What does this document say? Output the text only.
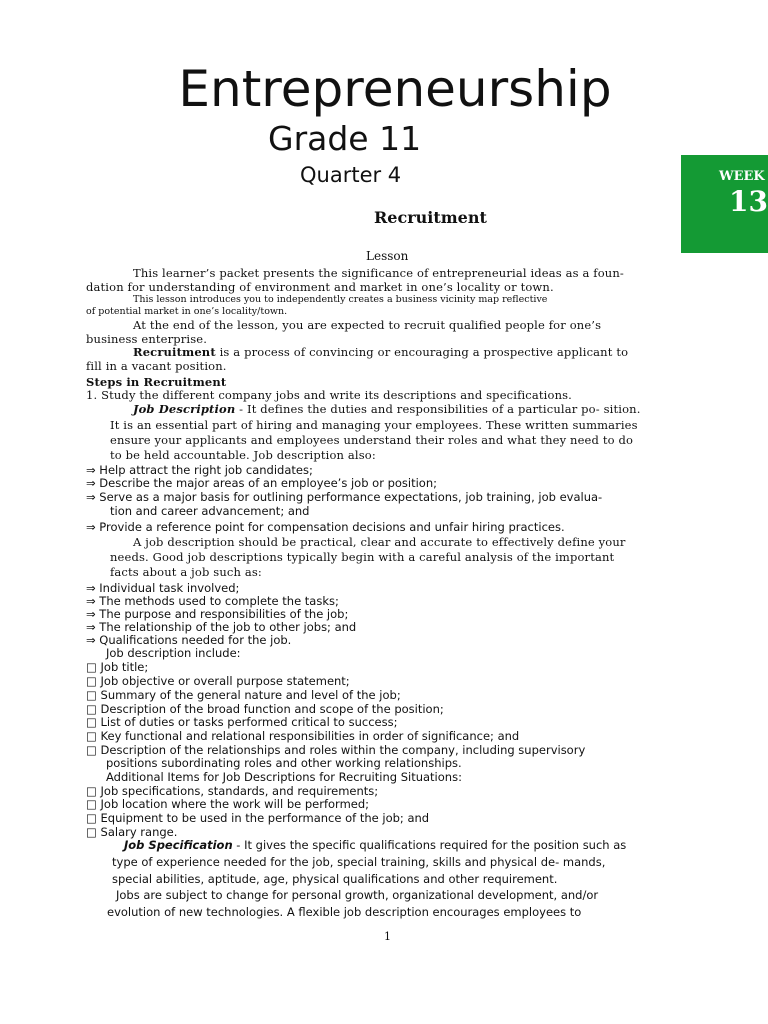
Entrepreneurship
Grade 11
Quarter 4	WEEK
13
Recruitment
Lesson
This learner’s packet presents the significance of entrepreneurial ideas as a foun-
dation for understanding of environment and market in one’s locality or town.
This lesson introduces you to independently creates a business vicinity map reflective
of potential market in one’s locality/town.
At the end of the lesson, you are expected to recruit qualified people for one’s
business enterprise.
Recruitment is a process of convincing or encouraging a prospective applicant to
fill in a vacant position.
Steps in Recruitment
1. Study the different company jobs and write its descriptions and specifications.
Job Description - It defines the duties and responsibilities of a particular po- sition.
It is an essential part of hiring and managing your employees. These written summaries
ensure your applicants and employees understand their roles and what they need to do
to be held accountable. Job description also:
⇒ Help attract the right job candidates;
⇒ Describe the major areas of an employee’s job or position;
⇒ Serve as a major basis for outlining performance expectations, job training, job evalua-
tion and career advancement; and
⇒ Provide a reference point for compensation decisions and unfair hiring practices.
A job description should be practical, clear and accurate to effectively define your
needs. Good job descriptions typically begin with a careful analysis of the important
facts about a job such as:
⇒ Individual task involved;
⇒ The methods used to complete the tasks;
⇒ The purpose and responsibilities of the job;
⇒ The relationship of the job to other jobs; and
⇒ Qualifications needed for the job.
Job description include:
□ Job title;
□ Job objective or overall purpose statement;
□ Summary of the general nature and level of the job;
□ Description of the broad function and scope of the position;
□ List of duties or tasks performed critical to success;
□ Key functional and relational responsibilities in order of significance; and
□ Description of the relationships and roles within the company, including supervisory
positions subordinating roles and other working relationships.
Additional Items for Job Descriptions for Recruiting Situations:
□ Job specifications, standards, and requirements;
□ Job location where the work will be performed;
□ Equipment to be used in the performance of the job; and
□ Salary range.
Job Specification - It gives the specific qualifications required for the position such as
type of experience needed for the job, special training, skills and physical de- mands,
special abilities, aptitude, age, physical qualifications and other requirement.
Jobs are subject to change for personal growth, organizational development, and/or
evolution of new technologies. A flexible job description encourages employees to
1
